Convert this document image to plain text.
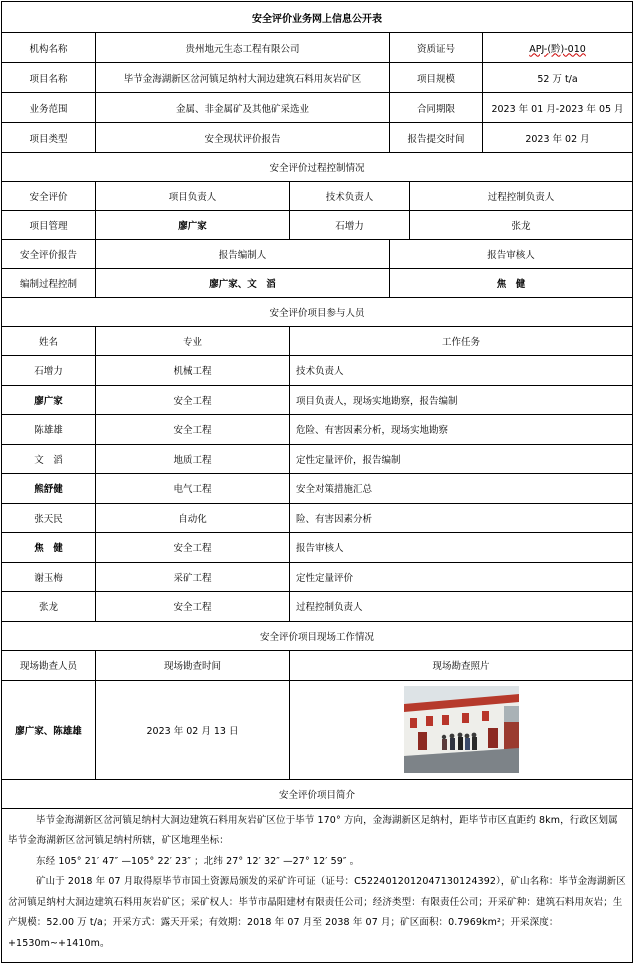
安全评价业务网上信息公开表					
机构名称	贵州地元生态工程有限公司		资质证号		APJ-(黔)-010
项目名称	毕节金海湖新区岔河镇足纳村大洞边建筑石料用灰岩矿区		项目规模		52 万 t/a
业务范围	金属、非金属矿及其他矿采选业		合同期限		2023 年 01 月-2023 年 05 月
项目类型	安全现状评价报告		报告提交时间		2023 年 02 月
安全评价过程控制情况					
安全评价	项目负责人	技术负责人		过程控制负责人	
项目管理	廖广家	石增力		张龙	
安全评价报告	报告编制人		报告审核人		
编制过程控制	廖广家、文　滔		焦　健		
安全评价项目参与人员					
姓名	专业	工作任务			
石增力	机械工程	技术负责人			
廖广家	安全工程	项目负责人，现场实地勘察，报告编制			
陈雄雄	安全工程	危险、有害因素分析，现场实地勘察			
文　滔	地质工程	定性定量评价，报告编制			
熊舒健	电气工程	安全对策措施汇总			
张天民	自动化	险、有害因素分析			
焦　健	安全工程	报告审核人			
谢玉梅	采矿工程	定性定量评价			
张龙	安全工程	过程控制负责人			
安全评价项目现场工作情况					
现场勘查人员	现场勘查时间	现场勘查照片			
廖广家、陈雄雄	2023 年 02 月 13 日	

安全评价项目简介					

毕节金海湖新区岔河镇足纳村大洞边建筑石料用灰岩矿区位于毕节 170° 方向，金海湖新区足纳村，距毕节市区直距约 8km，行政区划属毕节金海湖新区岔河镇足纳村所辖，矿区地理坐标：

东经 105° 21′ 47″ —105° 22′ 23″ ；北纬 27° 12′ 32″ —27° 12′ 59″ 。

矿山于 2018 年 07 月取得原毕节市国土资源局颁发的采矿许可证（证号：C5224012012047130124392），矿山名称：毕节金海湖新区岔河镇足纳村大洞边建筑石料用灰岩矿区；采矿权人：毕节市晶阳建材有限责任公司；经济类型：有限责任公司；开采矿种：建筑石料用灰岩；生产规模：52.00 万 t/a；开采方式：露天开采；有效期：2018 年 07 月至 2038 年 07 月；矿区面积：0.7969km²；开采深度：+1530m~+1410m。					
